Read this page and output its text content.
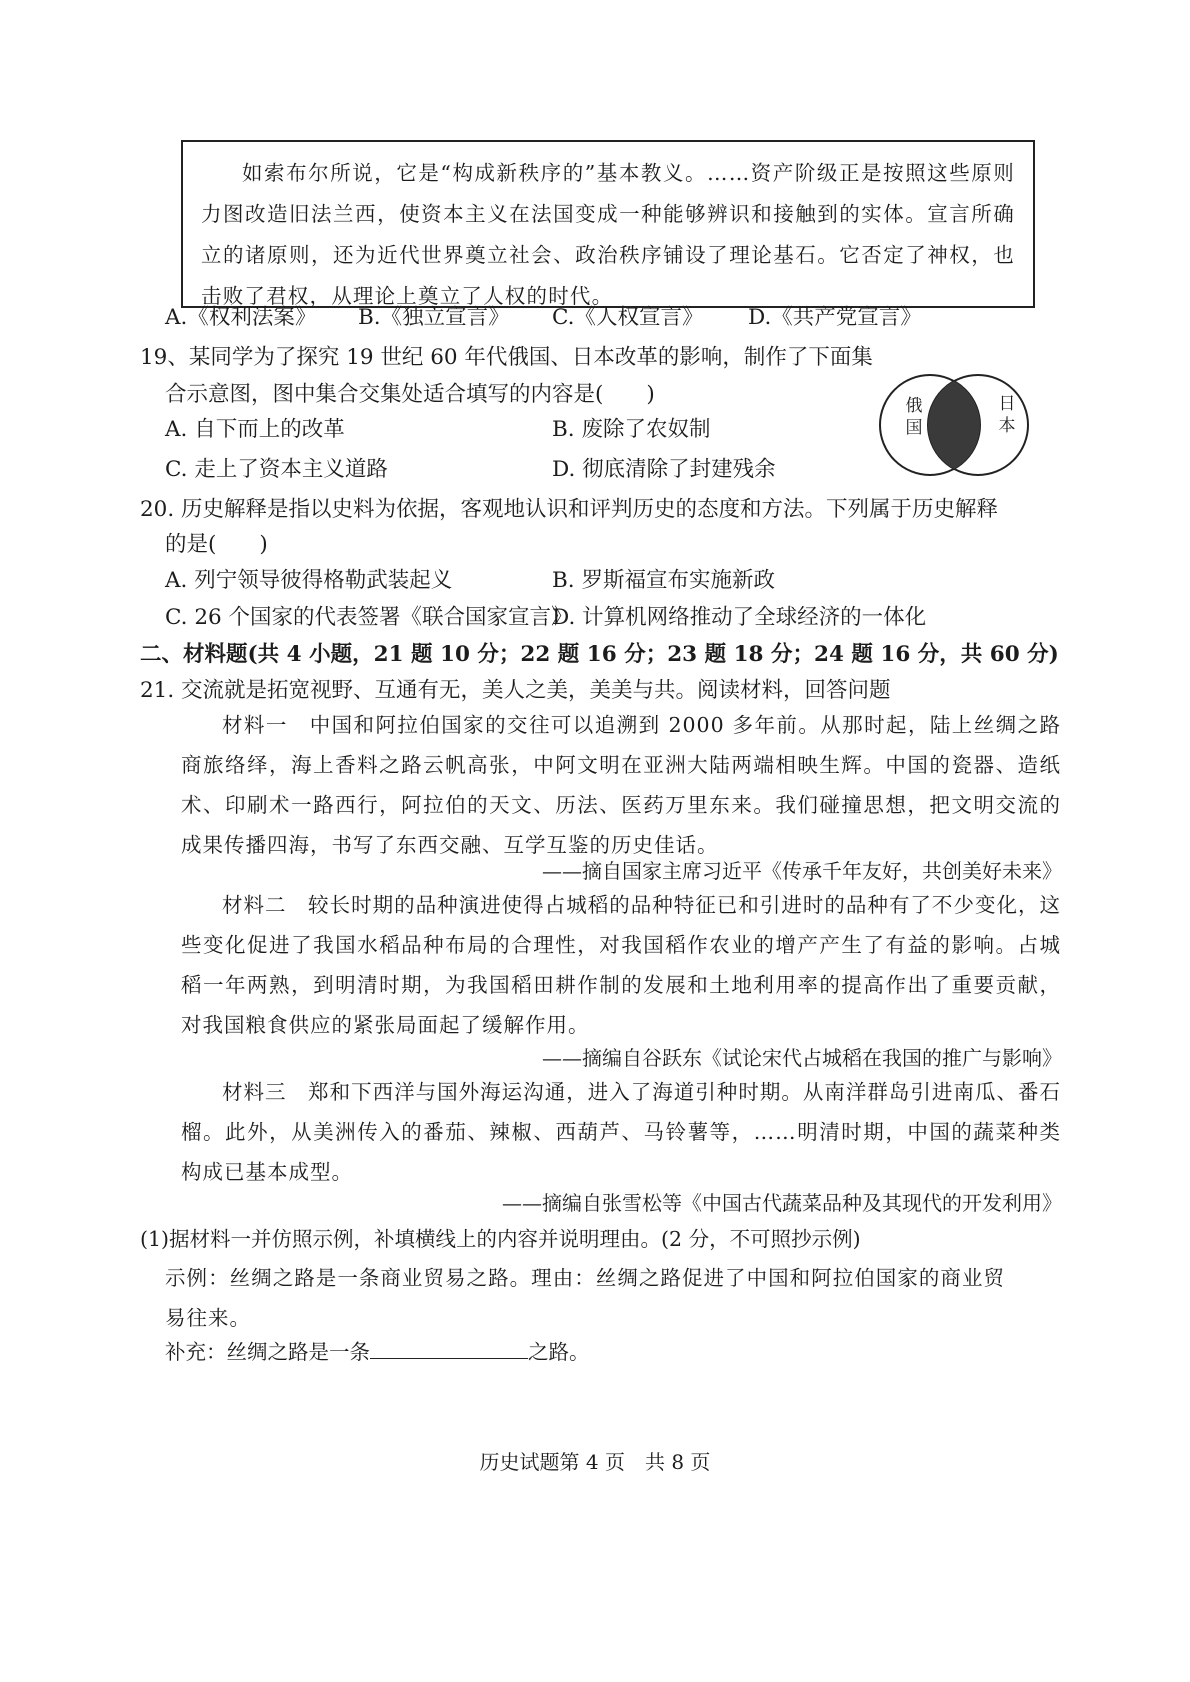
如索布尔所说，它是“构成新秩序的”基本教义。……资产阶级正是按照这些原则力图改造旧法兰西，使资本主义在法国变成一种能够辨识和接触到的实体。宣言所确立的诸原则，还为近代世界奠立社会、政治秩序铺设了理论基石。它否定了神权，也击败了君权，从理论上奠立了人权的时代。

A.《权利法案》 B.《独立宣言》 C.《人权宣言》 D.《共产党宣言》
19、某同学为了探究 19 世纪 60 年代俄国、日本改革的影响，制作了下面集
合示意图，图中集合交集处适合填写的内容是(　　)
A. 自下而上的改革	B. 废除了农奴制
C. 走上了资本主义道路	D. 彻底清除了封建残余
俄国
日本
20. 历史解释是指以史料为依据，客观地认识和评判历史的态度和方法。下列属于历史解释
的是(　　)
A. 列宁领导彼得格勒武装起义	B. 罗斯福宣布实施新政
C. 26 个国家的代表签署《联合国家宣言》
D. 计算机网络推动了全球经济的一体化
二、材料题(共 4 小题，21 题 10 分；22 题 16 分；23 题 18 分；24 题 16 分，共 60 分)
21. 交流就是拓宽视野、互通有无，美人之美，美美与共。阅读材料，回答问题

材料一　中国和阿拉伯国家的交往可以追溯到 2000 多年前。从那时起，陆上丝绸之路商旅络绎，海上香料之路云帆高张，中阿文明在亚洲大陆两端相映生辉。中国的瓷器、造纸术、印刷术一路西行，阿拉伯的天文、历法、医药万里东来。我们碰撞思想，把文明交流的成果传播四海，书写了东西交融、互学互鉴的历史佳话。

——摘自国家主席习近平《传承千年友好，共创美好未来》

材料二　较长时期的品种演进使得占城稻的品种特征已和引进时的品种有了不少变化，这些变化促进了我国水稻品种布局的合理性，对我国稻作农业的增产产生了有益的影响。占城稻一年两熟，到明清时期，为我国稻田耕作制的发展和土地利用率的提高作出了重要贡献，对我国粮食供应的紧张局面起了缓解作用。

——摘编自谷跃东《试论宋代占城稻在我国的推广与影响》

材料三　郑和下西洋与国外海运沟通，进入了海道引种时期。从南洋群岛引进南瓜、番石榴。此外，从美洲传入的番茄、辣椒、西葫芦、马铃薯等，……明清时期，中国的蔬菜种类构成已基本成型。

——摘编自张雪松等《中国古代蔬菜品种及其现代的开发利用》
(1)据材料一并仿照示例，补填横线上的内容并说明理由。(2 分，不可照抄示例)

示例：丝绸之路是一条商业贸易之路。理由：丝绸之路促进了中国和阿拉伯国家的商业贸易往来。

补充：丝绸之路是一条	之路。
历史试题第 4 页　共 8 页
